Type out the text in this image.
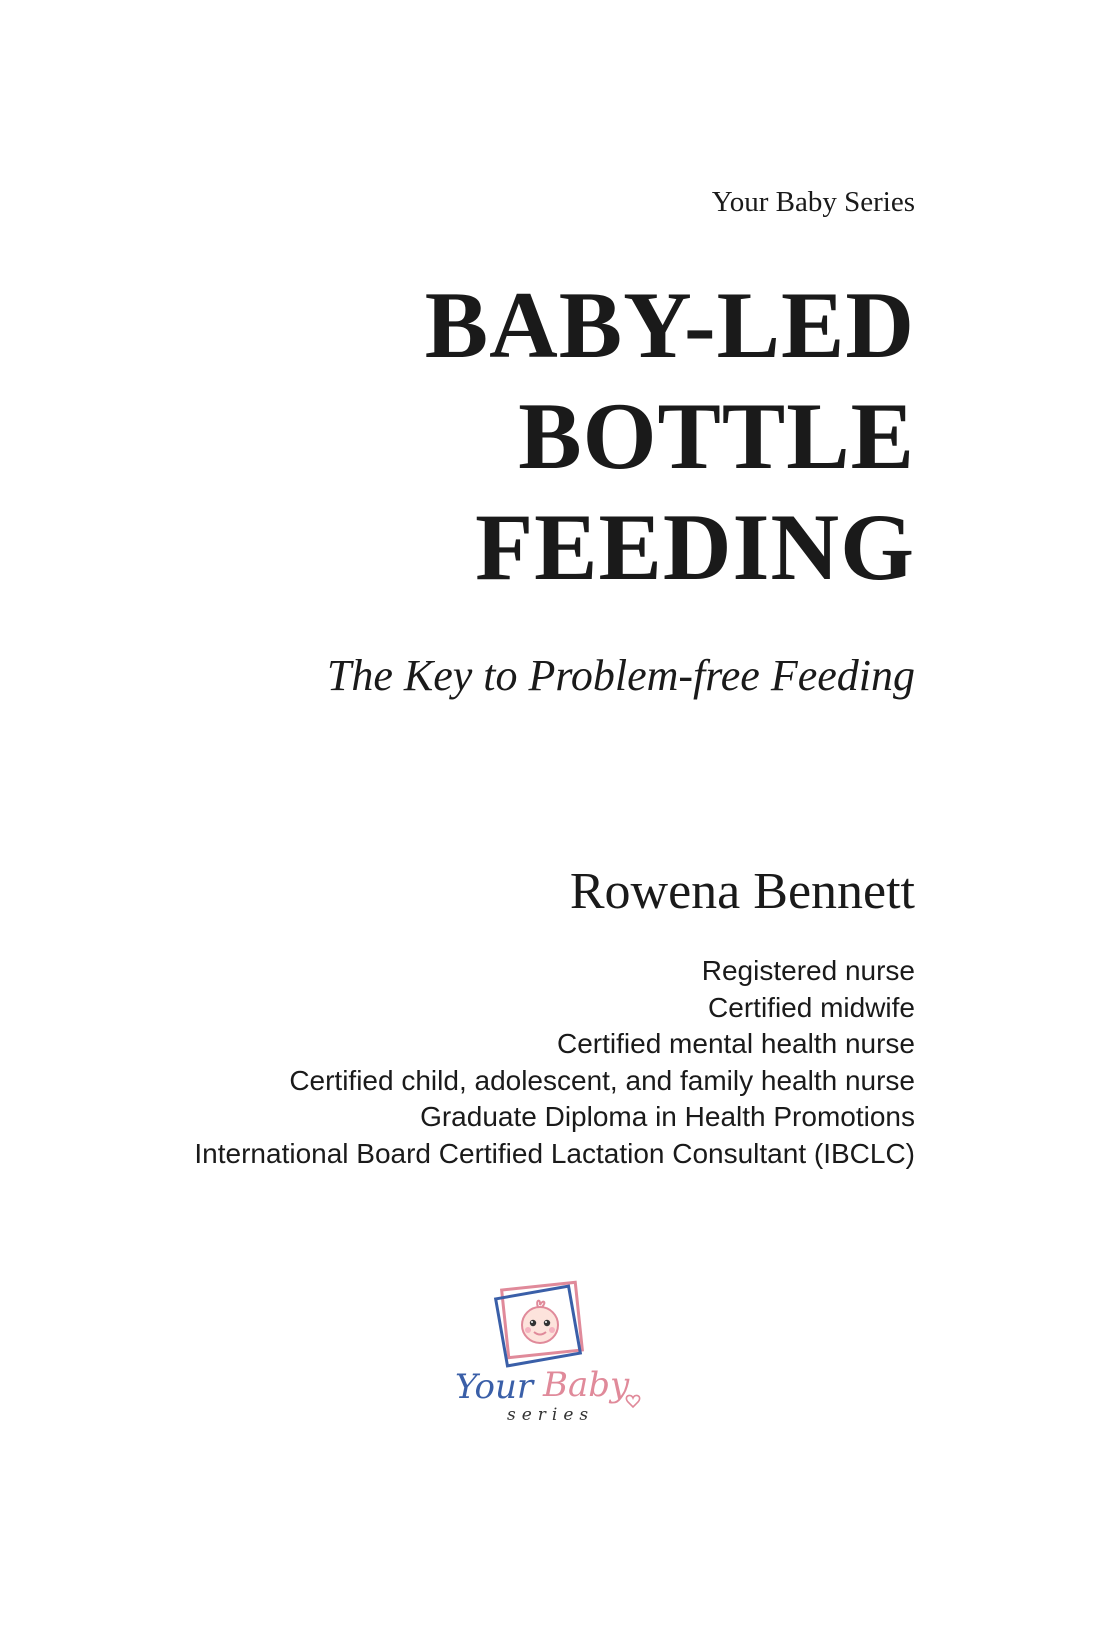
Your Baby Series
BABY-LED
BOTTLE
FEEDING
The Key to Problem-free Feeding
Rowena Bennett
Registered nurse
Certified midwife
Certified mental health nurse
Certified child, adolescent, and family health nurse
Graduate Diploma in Health Promotions
International Board Certified Lactation Consultant (IBCLC)
Your Baby
series
